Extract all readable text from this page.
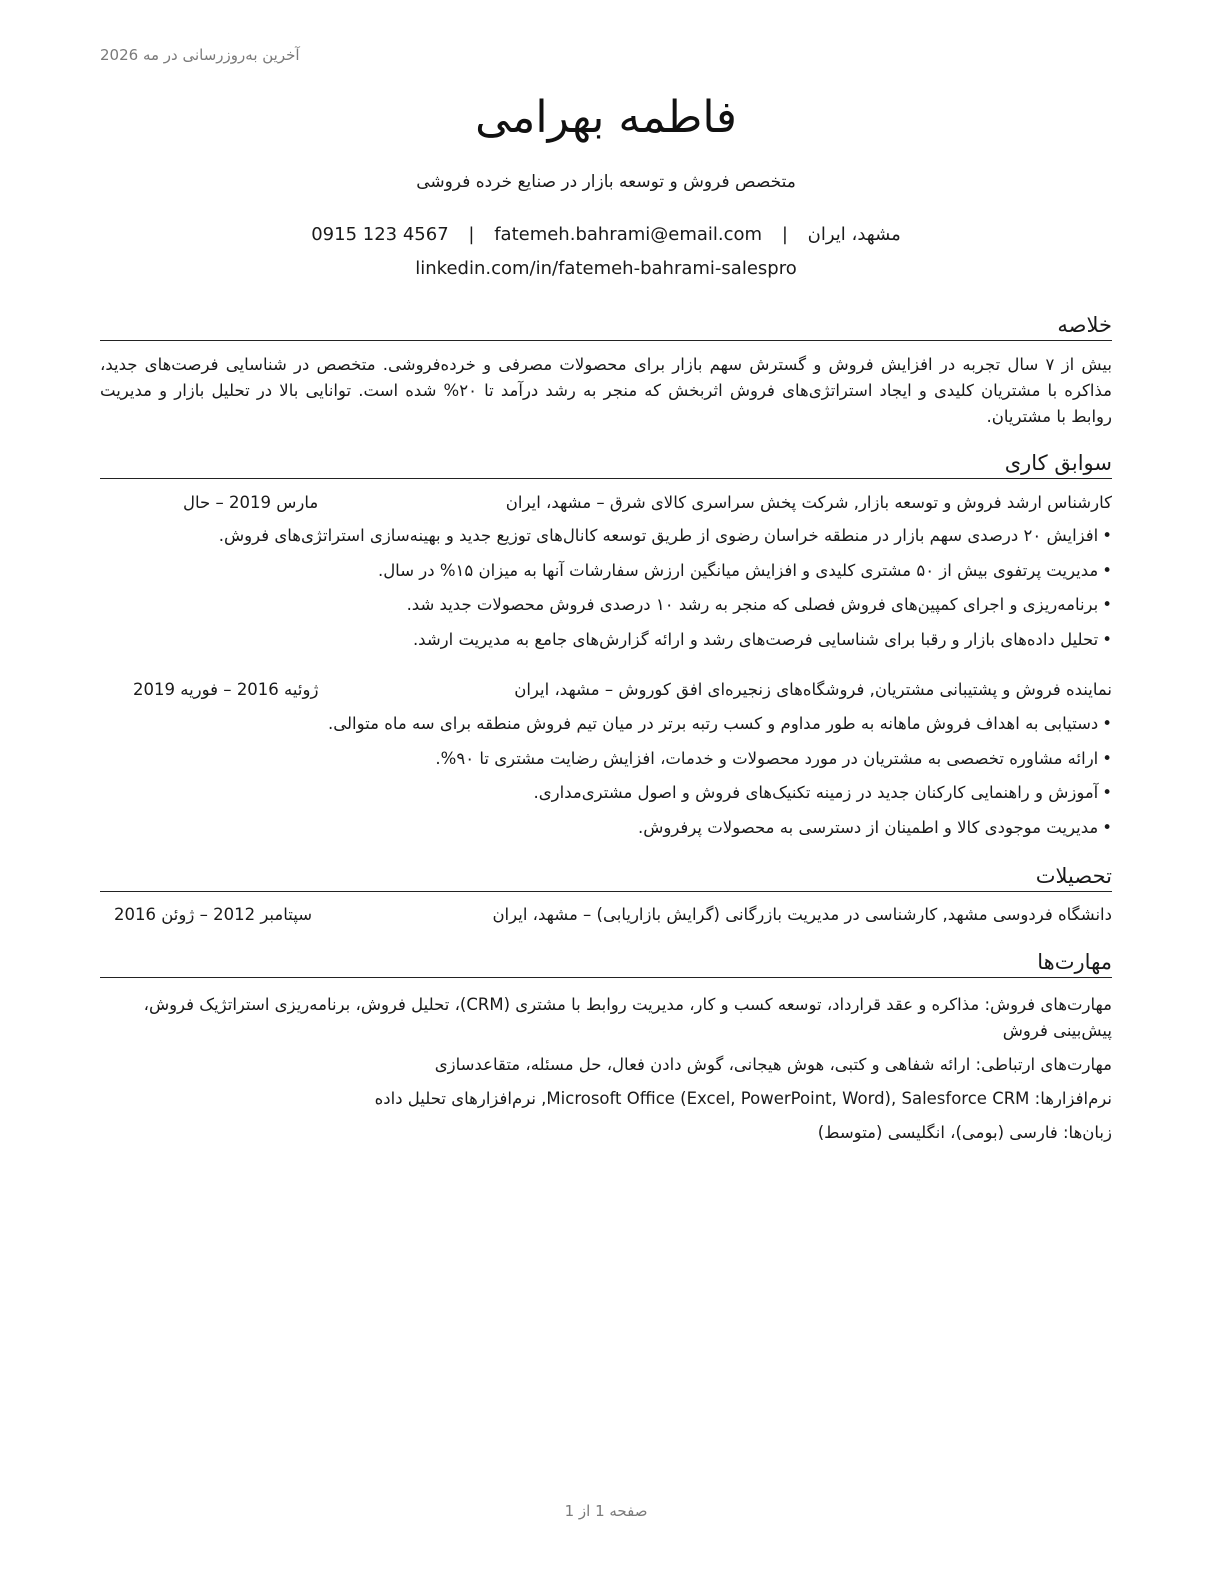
آخرین به‌روزرسانی در مه 2026
فاطمه بهرامی
متخصص فروش و توسعه بازار در صنایع خرده فروشی
مشهد، ایران | fatemeh.bahrami@email.com | 0915 123 4567
linkedin.com/in/fatemeh-bahrami-salespro
خلاصه
بیش از ۷ سال تجربه در افزایش فروش و گسترش سهم بازار برای محصولات مصرفی و خرده‌فروشی. متخصص در شناسایی فرصت‌های جدید، مذاکره با مشتریان کلیدی و ایجاد استراتژی‌های فروش اثربخش که منجر به رشد درآمد تا ۲۰% شده است. توانایی بالا در تحلیل بازار و مدیریت روابط با مشتریان.
سوابق کاری
کارشناس ارشد فروش و توسعه بازار, شرکت پخش سراسری کالای شرق – مشهد، ایران
مارس 2019 – حال
•افزایش ۲۰ درصدی سهم بازار در منطقه خراسان رضوی از طریق توسعه کانال‌های توزیع جدید و بهینه‌سازی استراتژی‌های فروش.
•مدیریت پرتفوی بیش از ۵۰ مشتری کلیدی و افزایش میانگین ارزش سفارشات آنها به میزان ۱۵% در سال.
•برنامه‌ریزی و اجرای کمپین‌های فروش فصلی که منجر به رشد ۱۰ درصدی فروش محصولات جدید شد.
•تحلیل داده‌های بازار و رقبا برای شناسایی فرصت‌های رشد و ارائه گزارش‌های جامع به مدیریت ارشد.
نماینده فروش و پشتیبانی مشتریان, فروشگاه‌های زنجیره‌ای افق کوروش – مشهد، ایران
ژوئیه 2016 – فوریه 2019
•دستیابی به اهداف فروش ماهانه به طور مداوم و کسب رتبه برتر در میان تیم فروش منطقه برای سه ماه متوالی.
•ارائه مشاوره تخصصی به مشتریان در مورد محصولات و خدمات، افزایش رضایت مشتری تا ۹۰%.
•آموزش و راهنمایی کارکنان جدید در زمینه تکنیک‌های فروش و اصول مشتری‌مداری.
•مدیریت موجودی کالا و اطمینان از دسترسی به محصولات پرفروش.
تحصیلات
دانشگاه فردوسی مشهد, کارشناسی در مدیریت بازرگانی (گرایش بازاریابی) – مشهد، ایران
سپتامبر 2012 – ژوئن 2016
مهارت‌ها
مهارت‌های فروش: مذاکره و عقد قرارداد، توسعه کسب و کار، مدیریت روابط با مشتری (CRM)، تحلیل فروش، برنامه‌ریزی استراتژیک فروش، پیش‌بینی فروش
مهارت‌های ارتباطی: ارائه شفاهی و کتبی، هوش هیجانی، گوش دادن فعال، حل مسئله، متقاعدسازی
نرم‌افزارها: Microsoft Office (Excel, PowerPoint, Word), Salesforce CRM, نرم‌افزارهای تحلیل داده
زبان‌ها: فارسی (بومی)، انگلیسی (متوسط)
صفحه 1 از 1
